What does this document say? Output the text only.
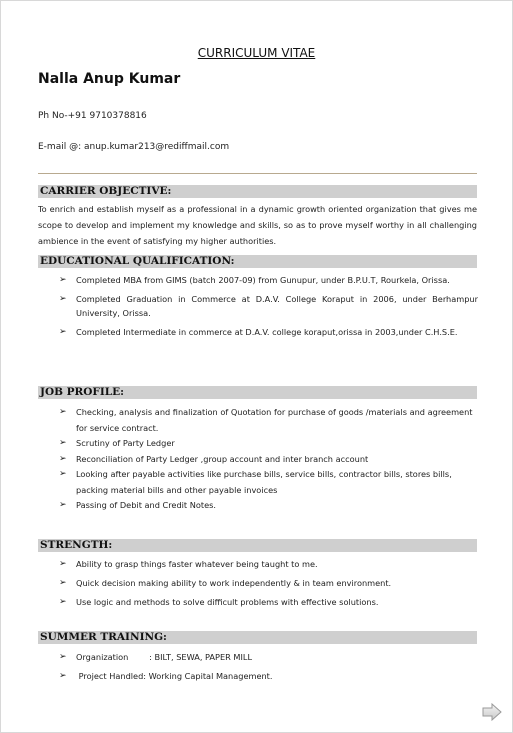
CURRICULUM VITAE
Nalla Anup Kumar
Ph No-+91 9710378816
E-mail @: anup.kumar213@rediffmail.com
CARRIER OBJECTIVE:
To enrich and establish myself as a professional in a dynamic growth oriented organization that gives me scope to develop and implement my knowledge and skills, so as to prove myself worthy in all challenging ambience in the event of satisfying my higher authorities.
EDUCATIONAL QUALIFICATION:
➢ Completed MBA from GIMS (batch 2007-09) from Gunupur, under B.P.U.T, Rourkela, Orissa.
➢ Completed Graduation in Commerce at D.A.V. College Koraput in 2006, under Berhampur University, Orissa.
➢ Completed Intermediate in commerce at D.A.V. college koraput,orissa in 2003,under C.H.S.E.
JOB PROFILE:
➢ Checking, analysis and finalization of Quotation for purchase of goods /materials and agreement for service contract.
➢ Scrutiny of Party Ledger
➢ Reconciliation of Party Ledger ,group account and inter branch account
➢ Looking after payable activities like purchase bills, service bills, contractor bills, stores bills, packing material bills and other payable invoices
➢ Passing of Debit and Credit Notes.
STRENGTH:
➢ Ability to grasp things faster whatever being taught to me.
➢ Quick decision making ability to work independently & in team environment.
➢ Use logic and methods to solve difficult problems with effective solutions.
SUMMER TRAINING:
➢ Organization        : BILT, SEWA, PAPER MILL
➢ Project Handled: Working Capital Management.
